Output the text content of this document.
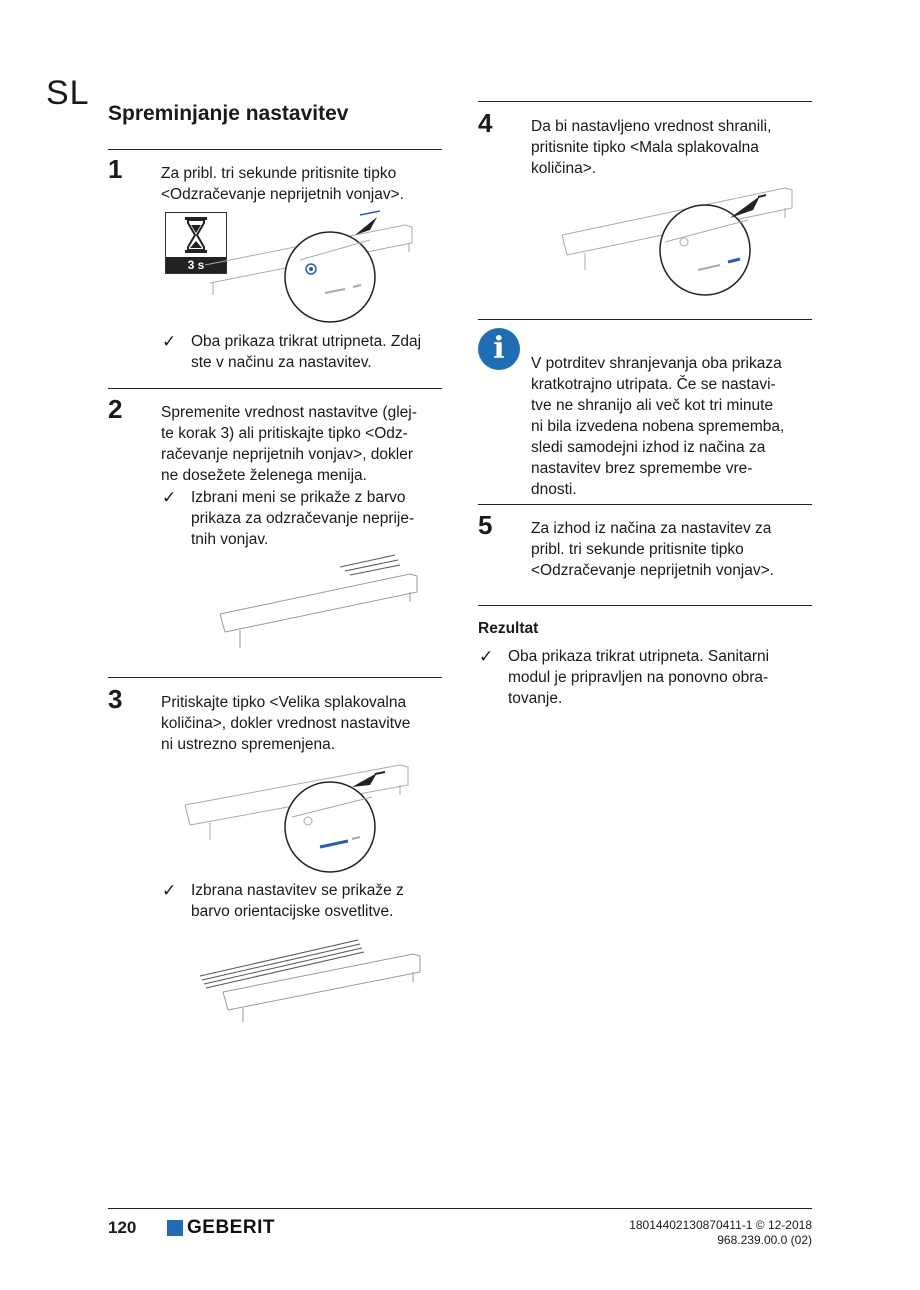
SL
Spreminjanje nastavitev
1 Za pribl. tri sekunde pritisnite tipko
<Odzračevanje neprijetnih vonjav>.
3 s
✓ Oba prikaza trikrat utripneta. Zdaj
ste v načinu za nastavitev.
2 Spremenite vrednost nastavitve (glej-
te korak 3) ali pritiskajte tipko <Odz-
račevanje neprijetnih vonjav>, dokler
ne dosežete želenega menija.
✓ Izbrani meni se prikaže z barvo
prikaza za odzračevanje neprije-
tnih vonjav.
3 Pritiskajte tipko <Velika splakovalna
količina>, dokler vrednost nastavitve
ni ustrezno spremenjena.
✓ Izbrana nastavitev se prikaže z
barvo orientacijske osvetlitve.
4 Da bi nastavljeno vrednost shranili,
pritisnite tipko <Mala splakovalna
količina>.
i	V potrditev shranjevanja oba prikaza
kratkotrajno utripata. Če se nastavi-
tve ne shranijo ali več kot tri minute
ni bila izvedena nobena sprememba,
sledi samodejni izhod iz načina za
nastavitev brez spremembe vre-
dnosti.
5 Za izhod iz načina za nastavitev za
pribl. tri sekunde pritisnite tipko
<Odzračevanje neprijetnih vonjav>.
Rezultat
✓ Oba prikaza trikrat utripneta. Sanitarni
modul je pripravljen na ponovno obra-
tovanje.
120	GEBERIT	18014402130870411-1 © 12-2018
968.239.00.0 (02)
